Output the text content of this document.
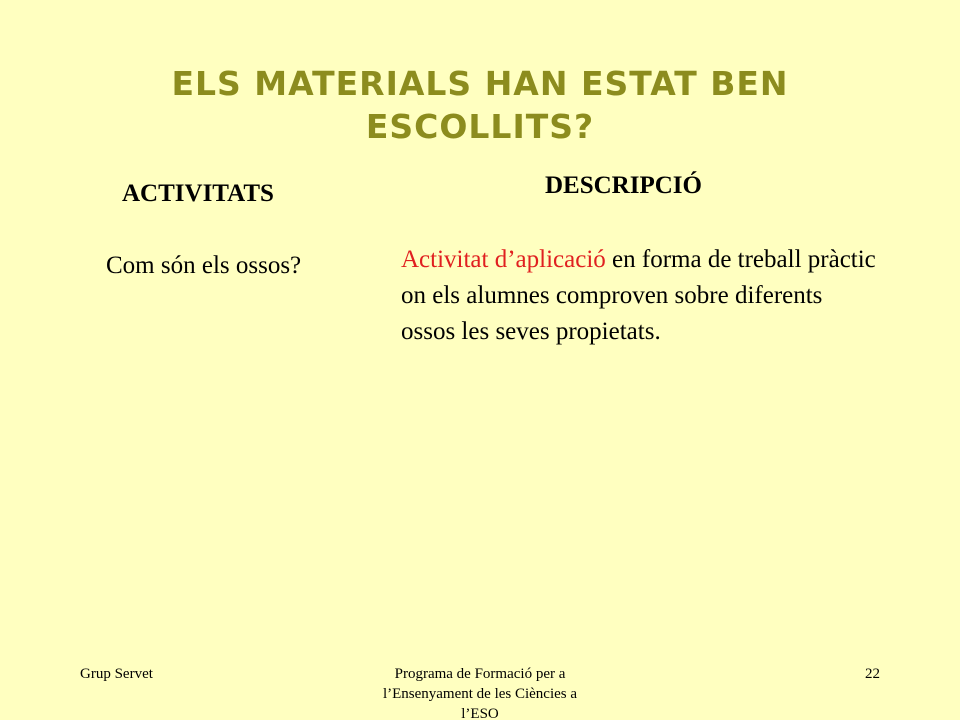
ELS MATERIALS HAN ESTAT BEN
ESCOLLITS?
ACTIVITATS	DESCRIPCIÓ
Com són els ossos?	Activitat d’aplicació en forma de treball pràctic on els alumnes comproven sobre diferents ossos les seves propietats.
Grup Servet	Programa de Formació per a
l’Ensenyament de les Ciències a
l’ESO
22
